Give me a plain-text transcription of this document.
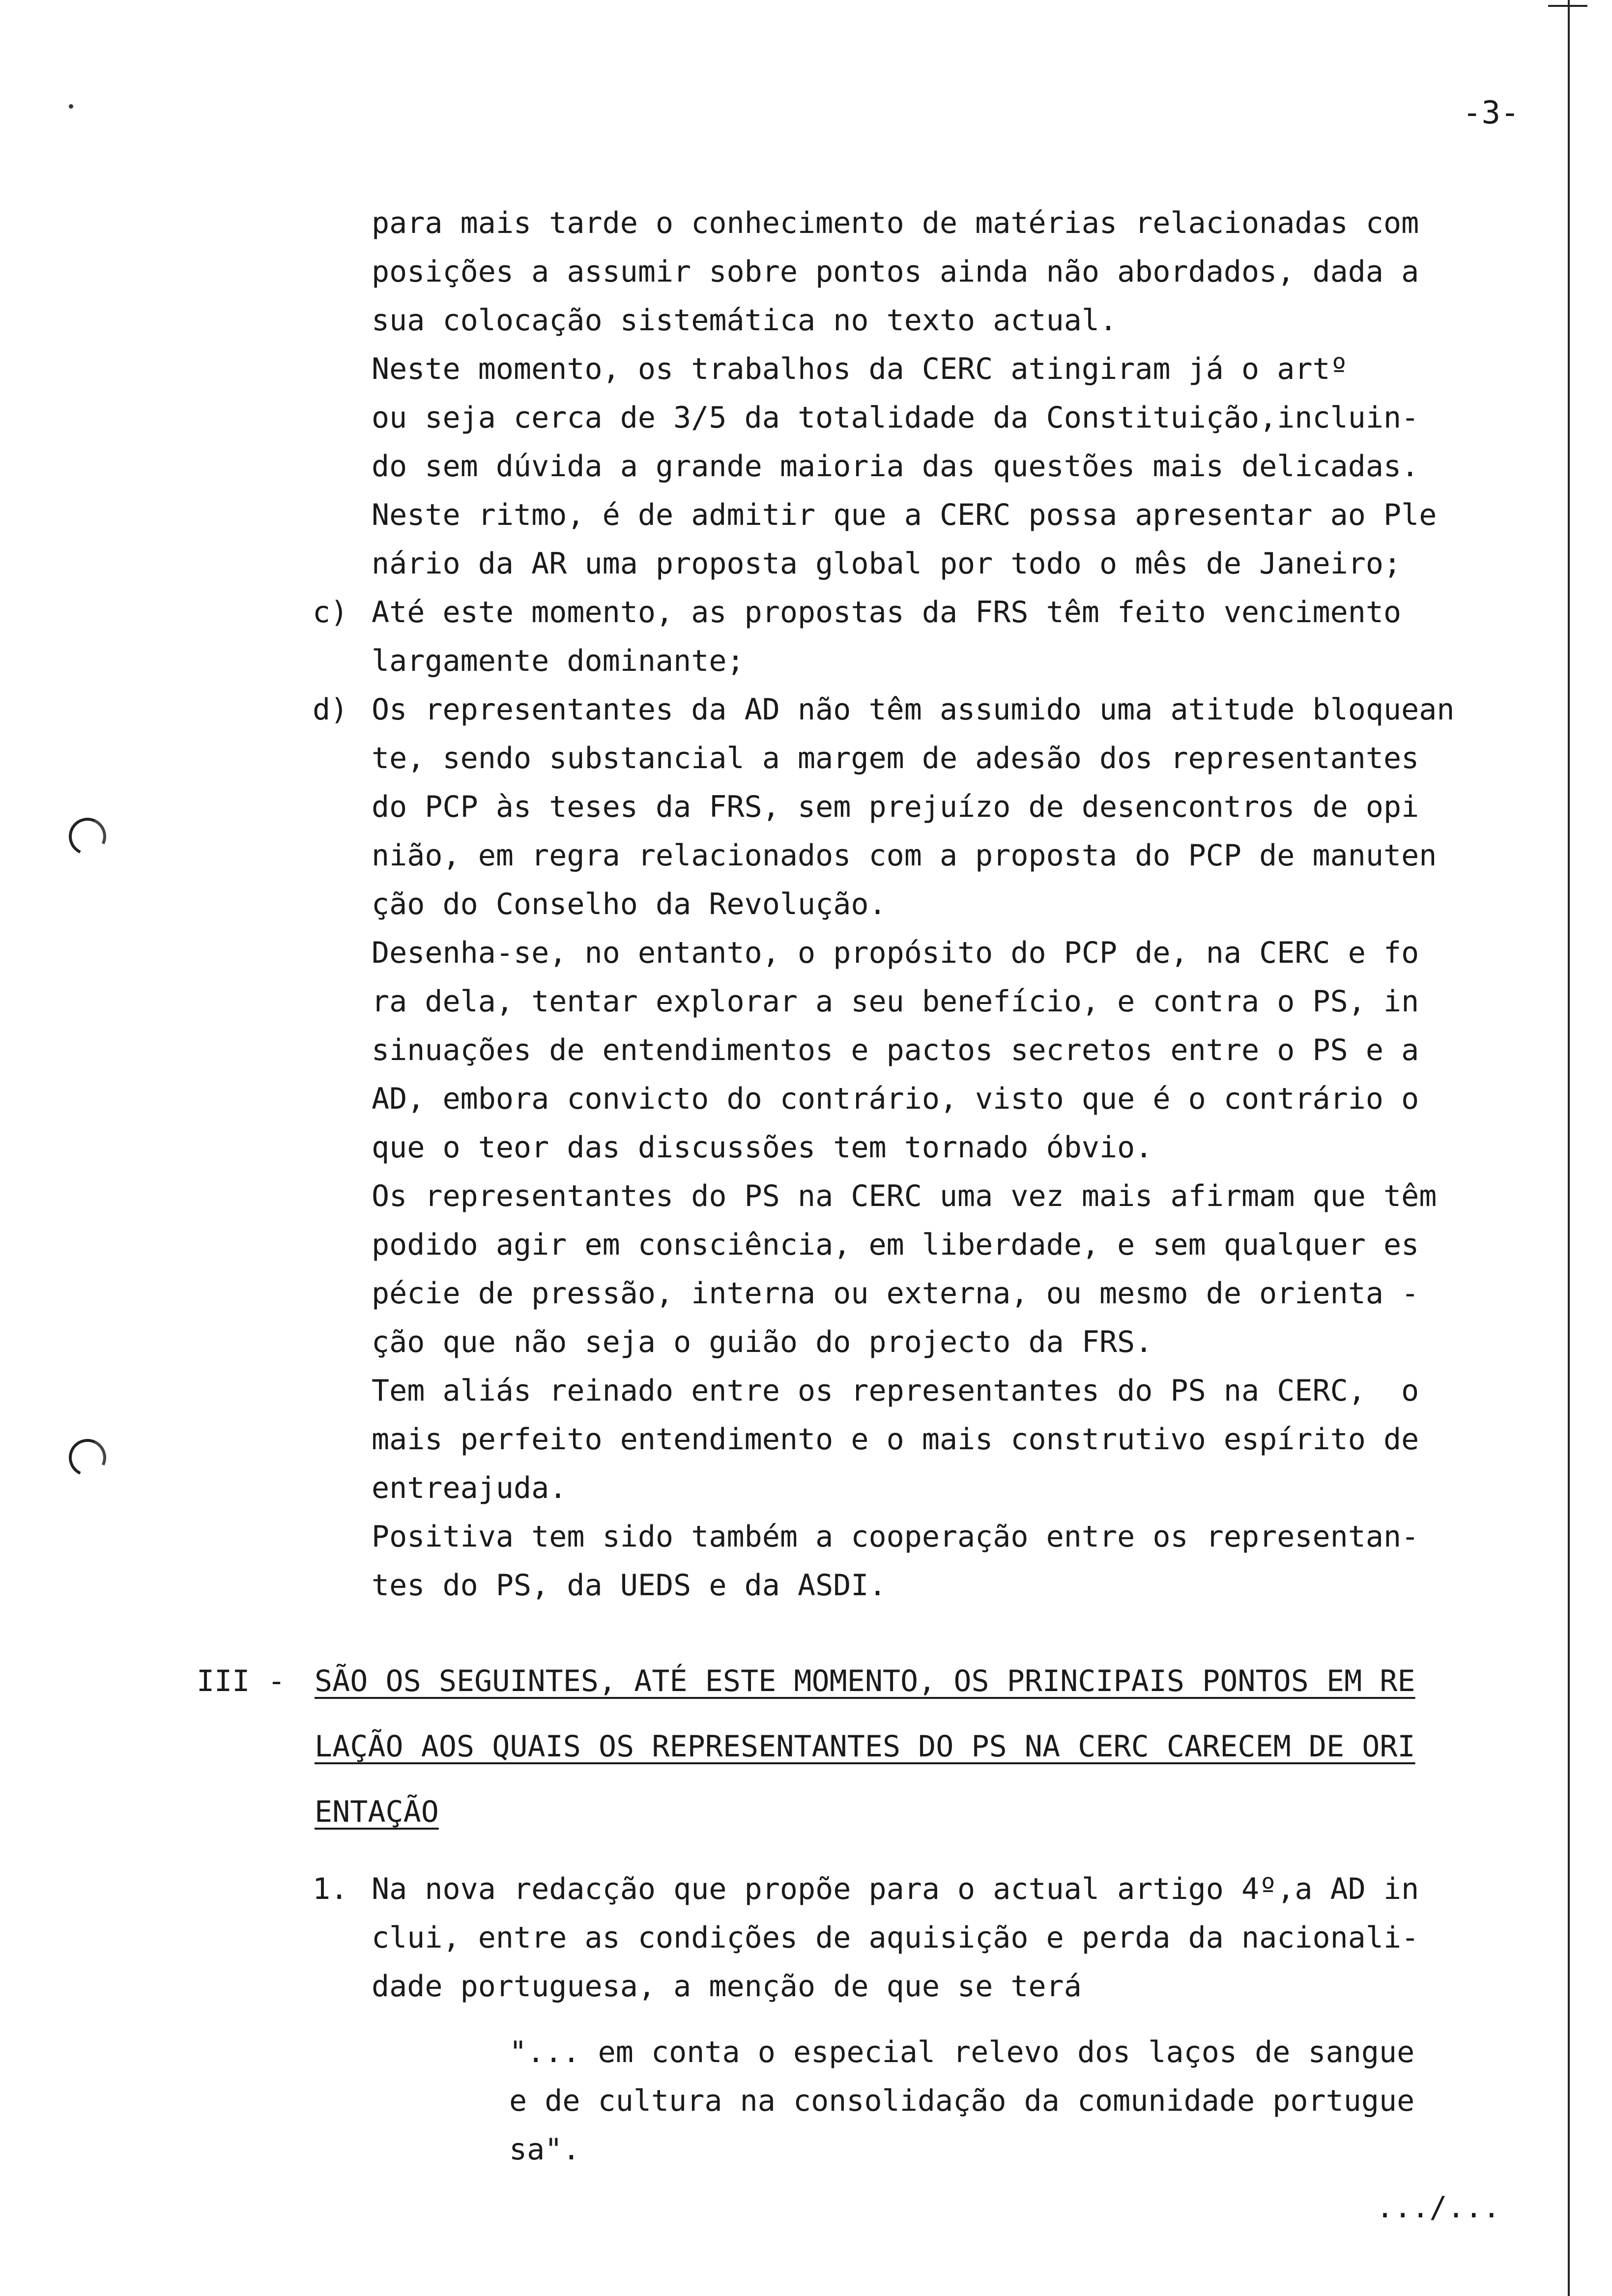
-3-
para mais tarde o conhecimento de matérias relacionadas com
posições a assumir sobre pontos ainda não abordados, dada a
sua colocação sistemática no texto actual.
Neste momento, os trabalhos da CERC atingiram já o artº
ou seja cerca de 3/5 da totalidade da Constituição,incluin-
do sem dúvida a grande maioria das questões mais delicadas.
Neste ritmo, é de admitir que a CERC possa apresentar ao Ple
nário da AR uma proposta global por todo o mês de Janeiro;
c) Até este momento, as propostas da FRS têm feito vencimento
largamente dominante;
d) Os representantes da AD não têm assumido uma atitude bloquean
te, sendo substancial a margem de adesão dos representantes
do PCP às teses da FRS, sem prejuízo de desencontros de opi
nião, em regra relacionados com a proposta do PCP de manuten
ção do Conselho da Revolução.
Desenha-se, no entanto, o propósito do PCP de, na CERC e fo
ra dela, tentar explorar a seu benefício, e contra o PS, in
sinuações de entendimentos e pactos secretos entre o PS e a
AD, embora convicto do contrário, visto que é o contrário o
que o teor das discussões tem tornado óbvio.
Os representantes do PS na CERC uma vez mais afirmam que têm
podido agir em consciência, em liberdade, e sem qualquer es
pécie de pressão, interna ou externa, ou mesmo de orienta -
ção que não seja o guião do projecto da FRS.
Tem aliás reinado entre os representantes do PS na CERC,  o
mais perfeito entendimento e o mais construtivo espírito de
entreajuda.
Positiva tem sido também a cooperação entre os representan-
tes do PS, da UEDS e da ASDI.
III - SÃO OS SEGUINTES, ATÉ ESTE MOMENTO, OS PRINCIPAIS PONTOS EM RE
LAÇÃO AOS QUAIS OS REPRESENTANTES DO PS NA CERC CARECEM DE ORI
ENTAÇÃO
1. Na nova redacção que propõe para o actual artigo 4º,a AD in
clui, entre as condições de aquisição e perda da nacionali-
dade portuguesa, a menção de que se terá
"... em conta o especial relevo dos laços de sangue
e de cultura na consolidação da comunidade portugue
sa".
.../...
